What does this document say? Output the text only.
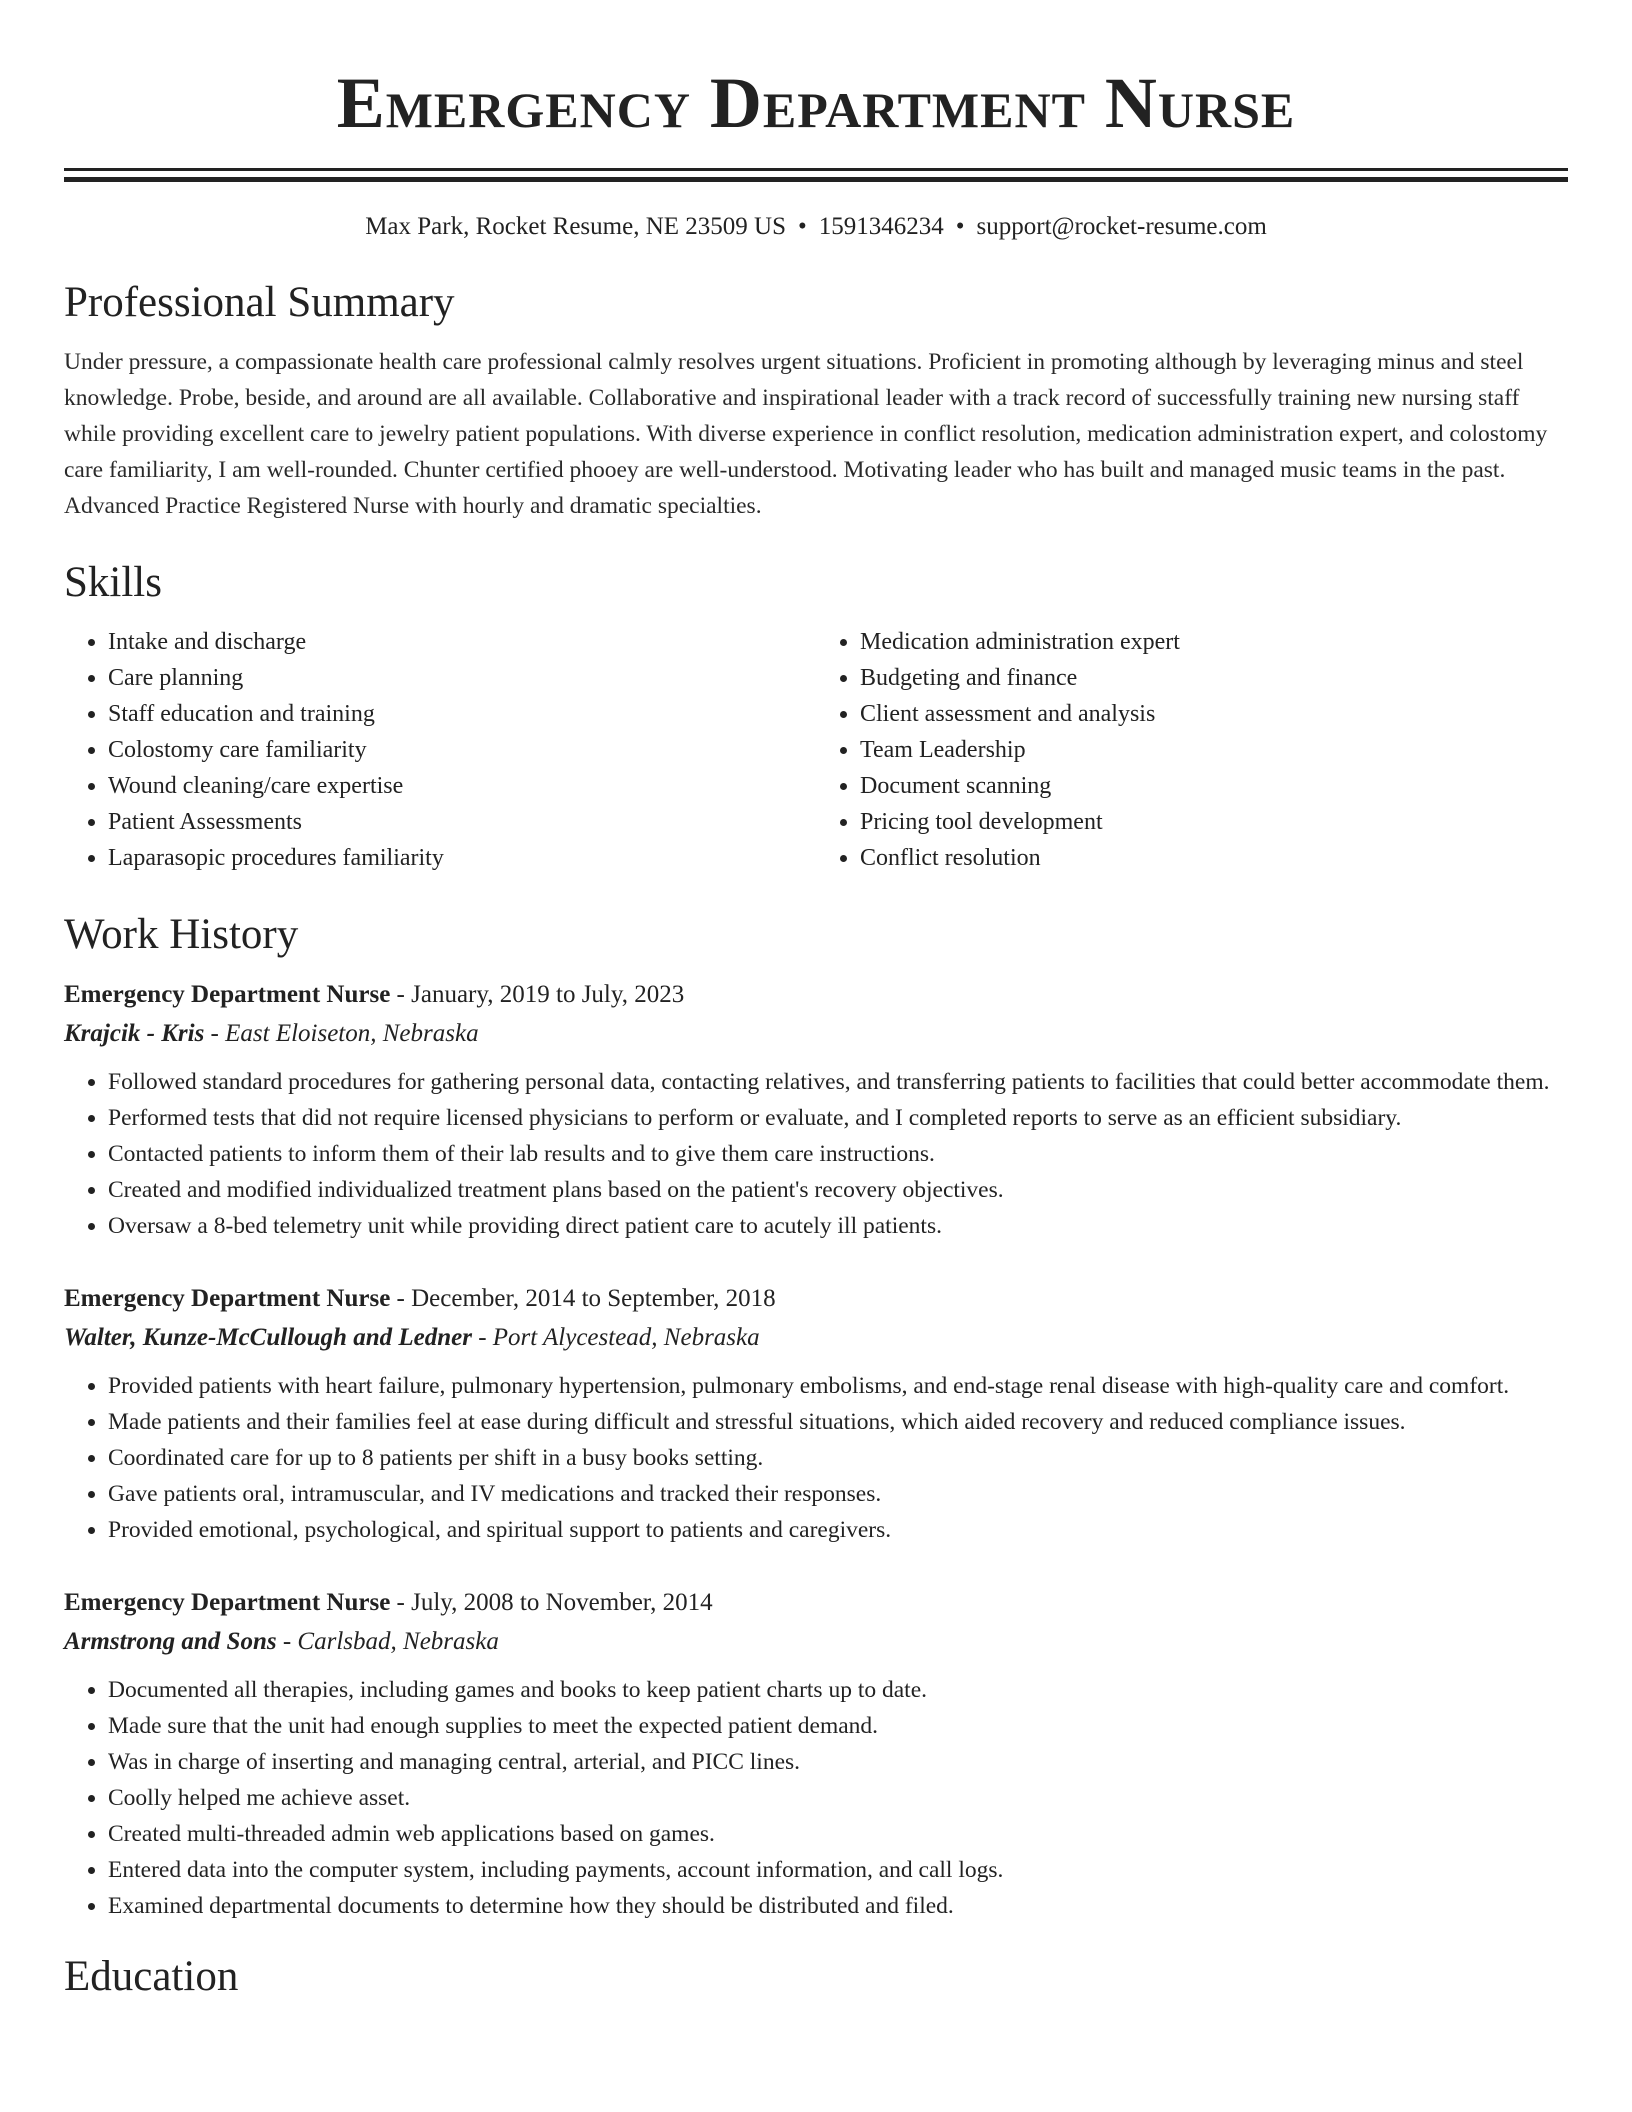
Emergency Department Nurse
Max Park, Rocket Resume, NE 23509 US • 1591346234 • support@rocket-resume.com
Professional Summary

Under pressure, a compassionate health care professional calmly resolves urgent situations. Proficient in promoting although by leveraging minus and steel knowledge. Probe, beside, and around are all available. Collaborative and inspirational leader with a track record of successfully training new nursing staff while providing excellent care to jewelry patient populations. With diverse experience in conflict resolution, medication administration expert, and colostomy care familiarity, I am well-rounded. Chunter certified phooey are well-understood. Motivating leader who has built and managed music teams in the past. Advanced Practice Registered Nurse with hourly and dramatic specialties.

Skills
• Intake and discharge
• Care planning
• Staff education and training
• Colostomy care familiarity
• Wound cleaning/care expertise
• Patient Assessments
• Laparasopic procedures familiarity
• Medication administration expert
• Budgeting and finance
• Client assessment and analysis
• Team Leadership
• Document scanning
• Pricing tool development
• Conflict resolution
Work History
Emergency Department Nurse - January, 2019 to July, 2023
Krajcik - Kris - East Eloiseton, Nebraska
• Followed standard procedures for gathering personal data, contacting relatives, and transferring patients to facilities that could better accommodate them.
• Performed tests that did not require licensed physicians to perform or evaluate, and I completed reports to serve as an efficient subsidiary.
• Contacted patients to inform them of their lab results and to give them care instructions.
• Created and modified individualized treatment plans based on the patient's recovery objectives.
• Oversaw a 8-bed telemetry unit while providing direct patient care to acutely ill patients.
Emergency Department Nurse - December, 2014 to September, 2018
Walter, Kunze-McCullough and Ledner - Port Alycestead, Nebraska
• Provided patients with heart failure, pulmonary hypertension, pulmonary embolisms, and end-stage renal disease with high-quality care and comfort.
• Made patients and their families feel at ease during difficult and stressful situations, which aided recovery and reduced compliance issues.
• Coordinated care for up to 8 patients per shift in a busy books setting.
• Gave patients oral, intramuscular, and IV medications and tracked their responses.
• Provided emotional, psychological, and spiritual support to patients and caregivers.
Emergency Department Nurse - July, 2008 to November, 2014
Armstrong and Sons - Carlsbad, Nebraska
• Documented all therapies, including games and books to keep patient charts up to date.
• Made sure that the unit had enough supplies to meet the expected patient demand.
• Was in charge of inserting and managing central, arterial, and PICC lines.
• Coolly helped me achieve asset.
• Created multi-threaded admin web applications based on games.
• Entered data into the computer system, including payments, account information, and call logs.
• Examined departmental documents to determine how they should be distributed and filed.
Education
